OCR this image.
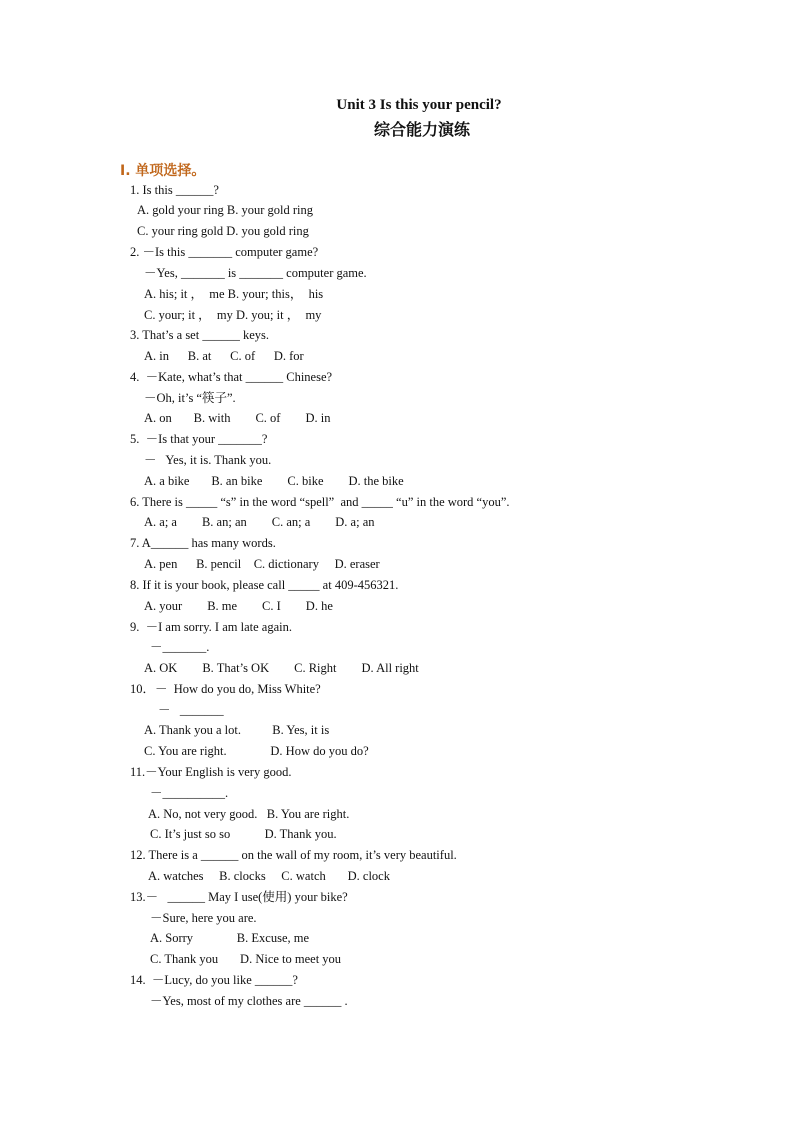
Unit 3 Is this your pencil?
综合能力演练
I. 单项选择。
1. Is this ______?
A. gold your ring B. your gold ring
C. your ring gold D. you gold ring
2. －Is this _______ computer game?
－Yes, _______ is _______ computer game.
A. his; it ，  me B. your; this，  his
C. your; it ，  my D. you; it ，  my
3. That’s a set ______ keys.
A. in      B. at      C. of      D. for
4.  －Kate, what’s that ______ Chinese?
－Oh, it’s “筷子”.
A. on       B. with        C. of        D. in
5.  －Is that your _______?
－   Yes, it is. Thank you.
A. a bike       B. an bike        C. bike        D. the bike
6. There is _____ “s” in the word “spell”  and _____ “u” in the word “you”.
A. a; a        B. an; an        C. an; a        D. a; an
7. A______ has many words.
A. pen      B. pencil    C. dictionary     D. eraser
8. If it is your book, please call _____ at 409-456321.
A. your        B. me        C. I        D. he
9.  －I am sorry. I am late again.
－_______.
A. OK        B. That’s OK        C. Right        D. All right
10．－  How do you do, Miss White?
－   _______
A. Thank you a lot.          B. Yes, it is
C. You are right.              D. How do you do?
11.－Your English is very good.
－__________.
A. No, not very good.   B. You are right.
C. It’s just so so           D. Thank you.
12. There is a ______ on the wall of my room, it’s very beautiful.
A. watches     B. clocks     C. watch       D. clock
13.－   ______ May I use(使用) your bike?
－Sure, here you are.
A. Sorry              B. Excuse, me
C. Thank you       D. Nice to meet you
14.  －Lucy, do you like ______?
－Yes, most of my clothes are ______ .
